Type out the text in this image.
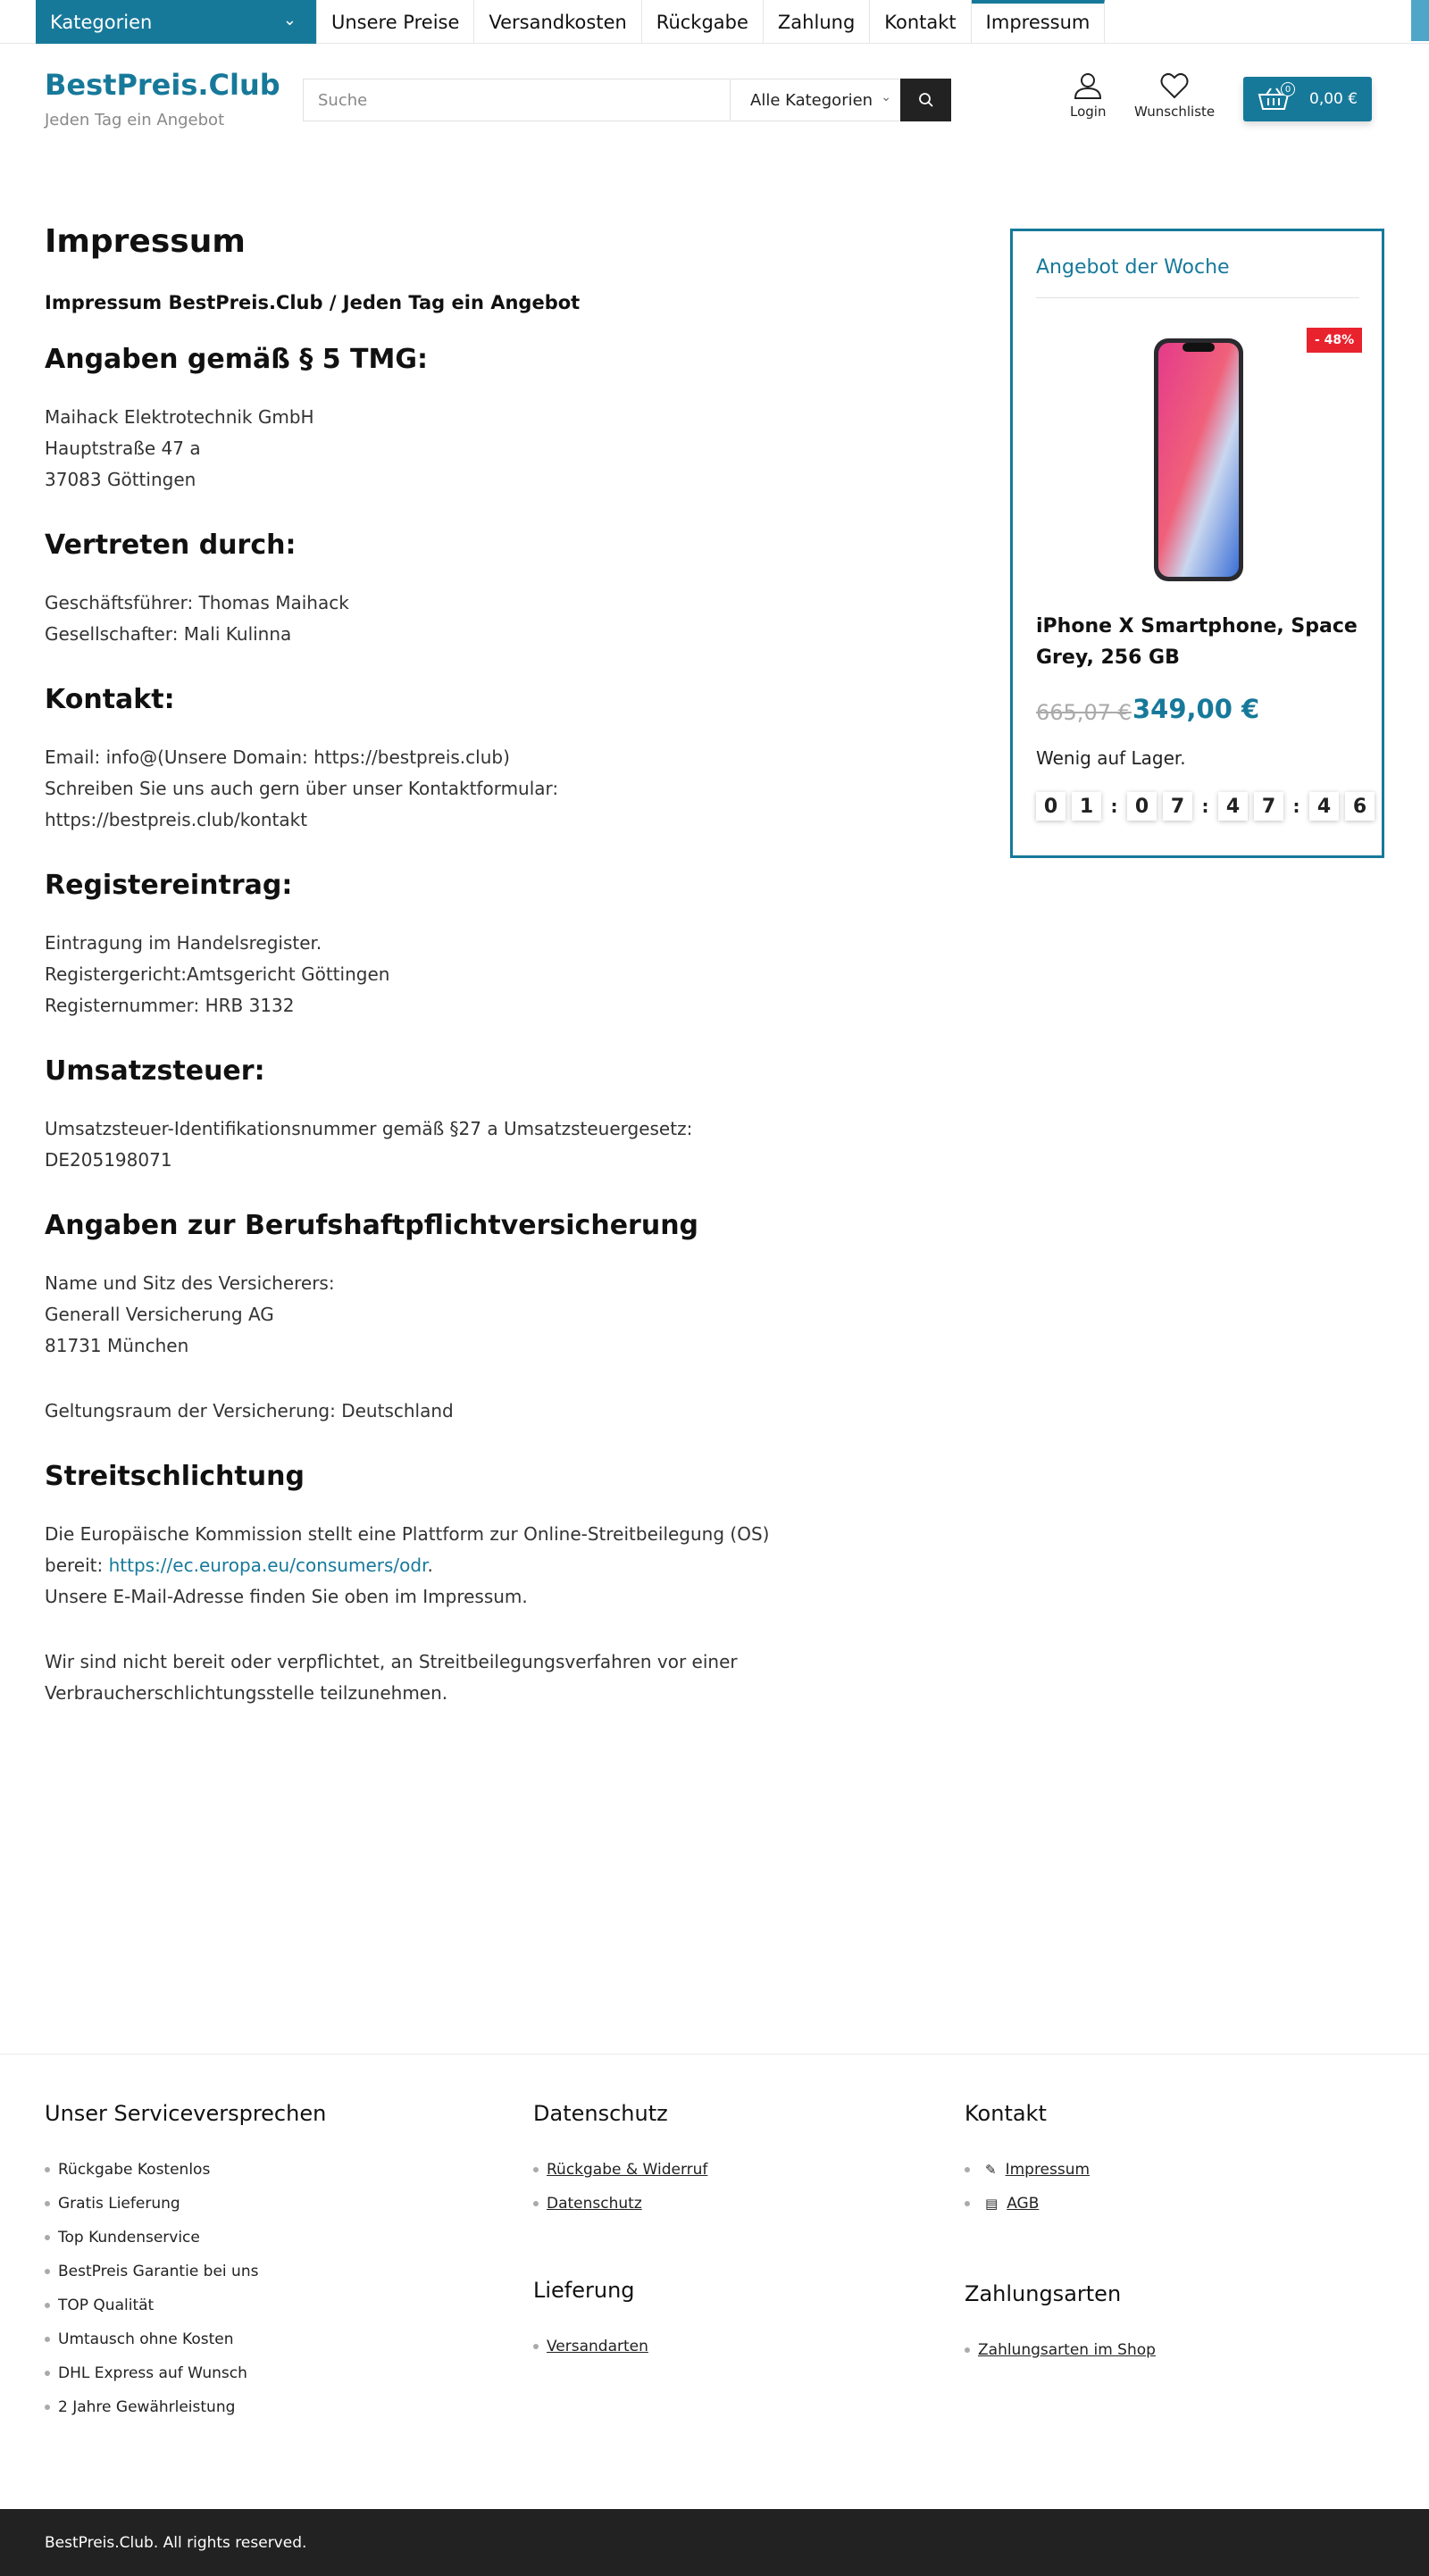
Kategorien	⌄	Unsere Preise	Versandkosten	Rückgabe	Zahlung	Kontakt	Impressum
BestPreis.Club
Jeden Tag ein Angebot
Suche	Alle Kategorien ⌄
Login Wunschliste
0
0,00 €
Impressum
Impressum BestPreis.Club / Jeden Tag ein Angebot
Angaben gemäß § 5 TMG:

Maihack Elektrotechnik GmbH
Hauptstraße 47 a
37083 Göttingen

Vertreten durch:

Geschäftsführer: Thomas Maihack
Gesellschafter: Mali Kulinna

Kontakt:

Email: info@(Unsere Domain: https://bestpreis.club)
Schreiben Sie uns auch gern über unser Kontaktformular:
https://bestpreis.club/kontakt

Registereintrag:

Eintragung im Handelsregister.
Registergericht:Amtsgericht Göttingen
Registernummer: HRB 3132

Umsatzsteuer:

Umsatzsteuer-Identifikationsnummer gemäß §27 a Umsatzsteuergesetz:
DE205198071

Angaben zur Berufshaftpflichtversicherung

Name und Sitz des Versicherers:
Generall Versicherung AG
81731 München

Geltungsraum der Versicherung: Deutschland

Streitschlichtung

Die Europäische Kommission stellt eine Plattform zur Online-Streitbeilegung (OS)
bereit: https://ec.europa.eu/consumers/odr.
Unsere E-Mail-Adresse finden Sie oben im Impressum.

Wir sind nicht bereit oder verpflichtet, an Streitbeilegungsverfahren vor einer
Verbraucherschlichtungsstelle teilzunehmen.

Angebot der Woche
- 48%
iPhone X Smartphone, Space Grey, 256 GB
665,07 € 349,00 €
Wenig auf Lager.
0	1 : 0	7 : 4	7 : 4	6
Unser Serviceversprechen
Rückgabe Kostenlos
Gratis Lieferung
Top Kundenservice
BestPreis Garantie bei uns
TOP Qualität
Umtausch ohne Kosten
DHL Express auf Wunsch
2 Jahre Gewährleistung
Datenschutz
Rückgabe & Widerruf
Datenschutz
Lieferung
Versandarten
Kontakt
✎ Impressum
▤ AGB
Zahlungsarten
Zahlungsarten im Shop
BestPreis.Club. All rights reserved.
